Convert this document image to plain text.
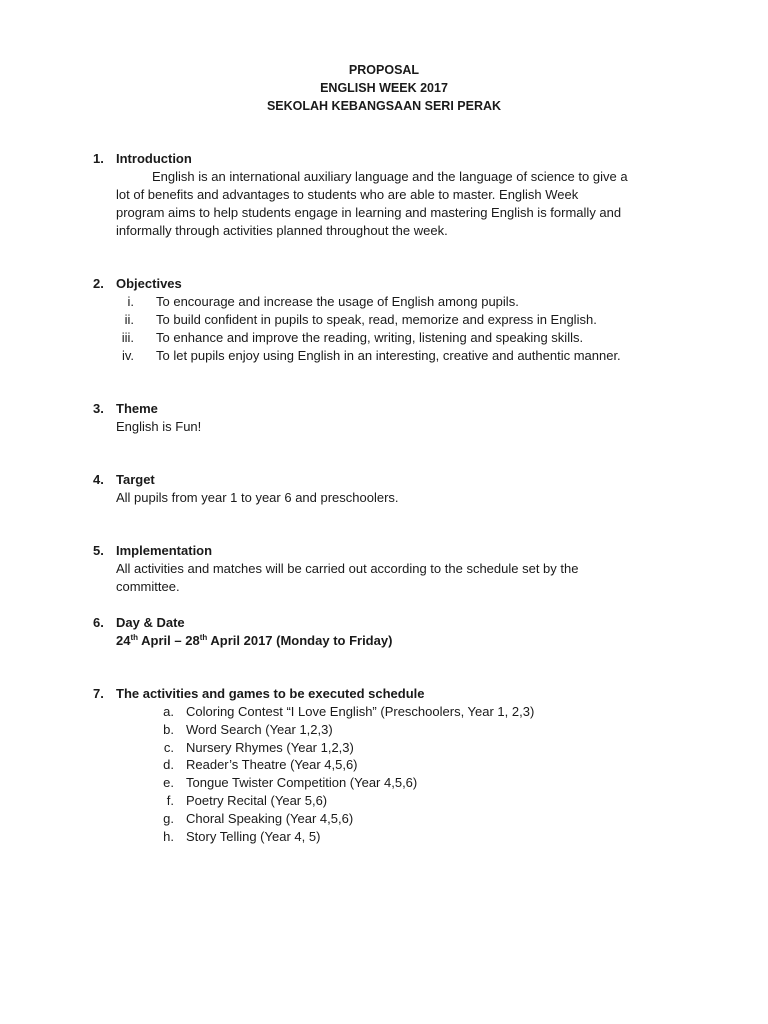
PROPOSAL
ENGLISH WEEK 2017
SEKOLAH KEBANGSAAN SERI PERAK
1. Introduction
English is an international auxiliary language and the language of science to give a
lot of benefits and advantages to students who are able to master. English Week
program aims to help students engage in learning and mastering English is formally and
informally through activities planned throughout the week.
2. Objectives
i. To encourage and increase the usage of English among pupils.
ii. To build confident in pupils to speak, read, memorize and express in English.
iii. To enhance and improve the reading, writing, listening and speaking skills.
iv. To let pupils enjoy using English in an interesting, creative and authentic manner.
3. Theme
English is Fun!
4. Target
All pupils from year 1 to year 6 and preschoolers.
5. Implementation
All activities and matches will be carried out according to the schedule set by the
committee.
6. Day & Date
24th April – 28th April 2017 (Monday to Friday)
7. The activities and games to be executed schedule
a. Coloring Contest “I Love English” (Preschoolers, Year 1, 2,3)
b. Word Search (Year 1,2,3)
c. Nursery Rhymes (Year 1,2,3)
d. Reader’s Theatre (Year 4,5,6)
e. Tongue Twister Competition (Year 4,5,6)
f. Poetry Recital (Year 5,6)
g. Choral Speaking (Year 4,5,6)
h. Story Telling (Year 4, 5)
